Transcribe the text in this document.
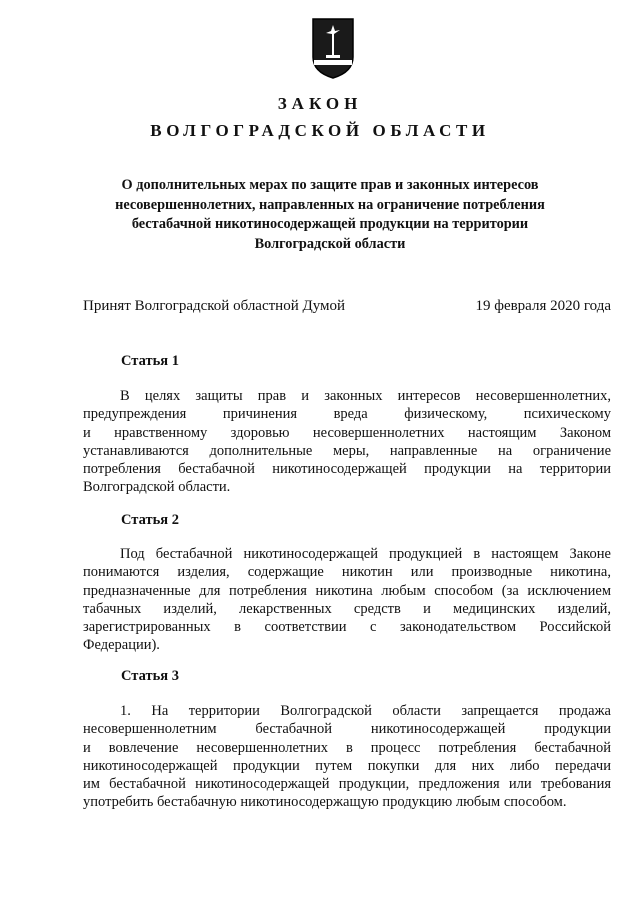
ЗАКОН
ВОЛГОГРАДСКОЙ ОБЛАСТИ
О дополнительных мерах по защите прав и законных интересов
несовершеннолетних, направленных на ограничение потребления
бестабачной никотиносодержащей продукции на территории
Волгоградской области
Принят Волгоградской областной Думой	19 февраля 2020 года
Статья 1
В целях защиты прав и законных интересов несовершеннолетних,
предупреждения причинения вреда физическому, психическому
и нравственному здоровью несовершеннолетних настоящим Законом
устанавливаются дополнительные меры, направленные на ограничение
потребления бестабачной никотиносодержащей продукции на территории
Волгоградской области.
Статья 2
Под бестабачной никотиносодержащей продукцией в настоящем Законе
понимаются изделия, содержащие никотин или производные никотина,
предназначенные для потребления никотина любым способом (за исключением
табачных изделий, лекарственных средств и медицинских изделий,
зарегистрированных в соответствии с законодательством Российской
Федерации).
Статья 3
1. На территории Волгоградской области запрещается продажа
несовершеннолетним бестабачной никотиносодержащей продукции
и вовлечение несовершеннолетних в процесс потребления бестабачной
никотиносодержащей продукции путем покупки для них либо передачи
им бестабачной никотиносодержащей продукции, предложения или требования
употребить бестабачную никотиносодержащую продукцию любым способом.
